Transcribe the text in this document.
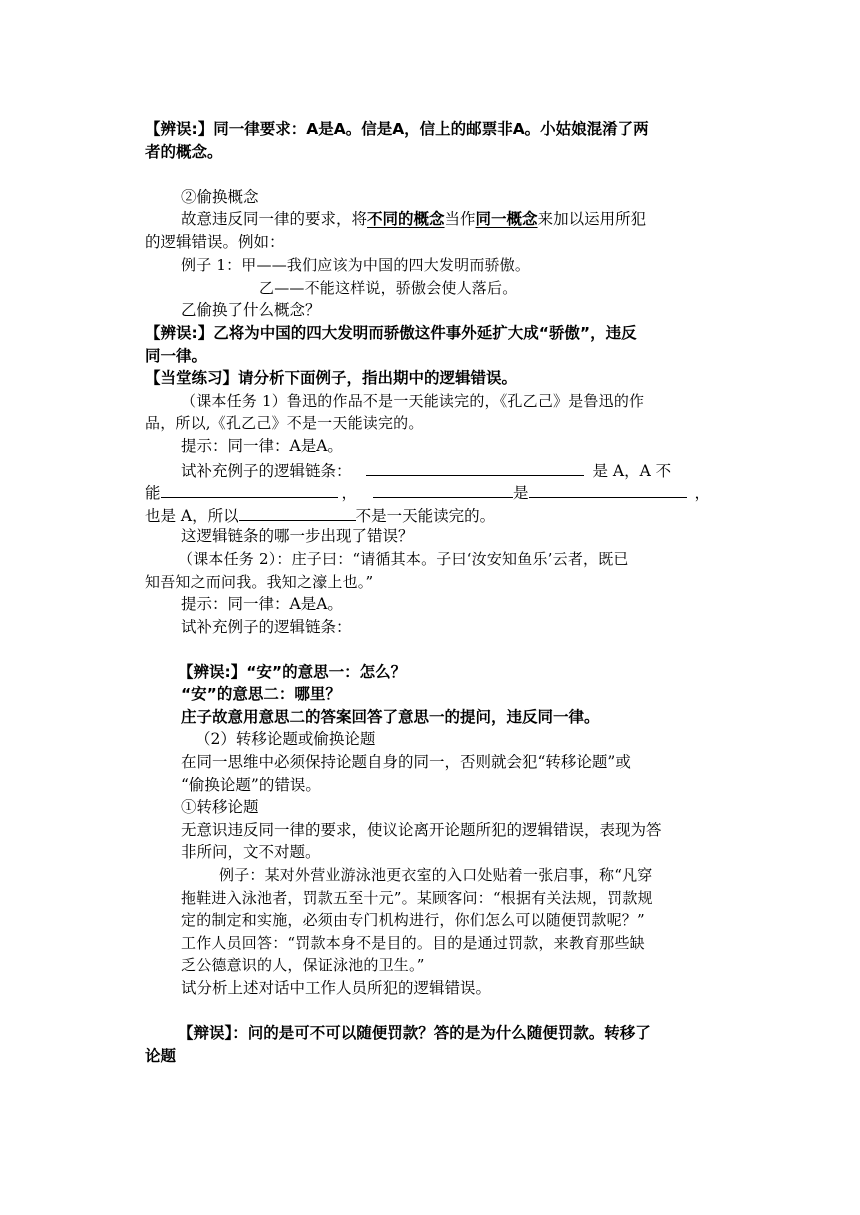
【辨误:】同一律要求：A是A。信是A，信上的邮票非A。小姑娘混淆了两
者的概念。
②偷换概念
故意违反同一律的要求，将不同的概念当作同一概念来加以运用所犯
的逻辑错误。例如：
例子 1：甲——我们应该为中国的四大发明而骄傲。
乙——不能这样说，骄傲会使人落后。
乙偷换了什么概念？
【辨误:】乙将为中国的四大发明而骄傲这件事外延扩大成“骄傲”，违反
同一律。
【当堂练习】请分析下面例子，指出期中的逻辑错误。
（课本任务 1）鲁迅的作品不是一天能读完的，《孔乙己》是鲁迅的作
品，所以,《孔乙己》不是一天能读完的。
提示：同一律：A是A。
试补充例子的逻辑链条：	是 A，A 不
能	，	是	，
也是 A，所以	不是一天能读完的。
这逻辑链条的哪一步出现了错误？
（课本任务 2）：庄子曰：“请循其本。子曰‘汝安知鱼乐’云者，既已
知吾知之而问我。我知之濠上也。”
提示：同一律：A是A。
试补充例子的逻辑链条：
【辨误:】“安”的意思一：怎么？
“安”的意思二：哪里？
庄子故意用意思二的答案回答了意思一的提问，违反同一律。
（2）转移论题或偷换论题
在同一思维中必须保持论题自身的同一，否则就会犯“转移论题”或
“偷换论题”的错误。
①转移论题
无意识违反同一律的要求，使议论离开论题所犯的逻辑错误，表现为答
非所问，文不对题。
例子：某对外营业游泳池更衣室的入口处贴着一张启事，称“凡穿
拖鞋进入泳池者，罚款五至十元”。某顾客问：“根据有关法规，罚款规
定的制定和实施，必须由专门机构进行，你们怎么可以随便罚款呢？”
工作人员回答：“罚款本身不是目的。目的是通过罚款，来教育那些缺
乏公德意识的人，保证泳池的卫生。”
试分析上述对话中工作人员所犯的逻辑错误。
【辩误】：问的是可不可以随便罚款？答的是为什么随便罚款。转移了
论题
